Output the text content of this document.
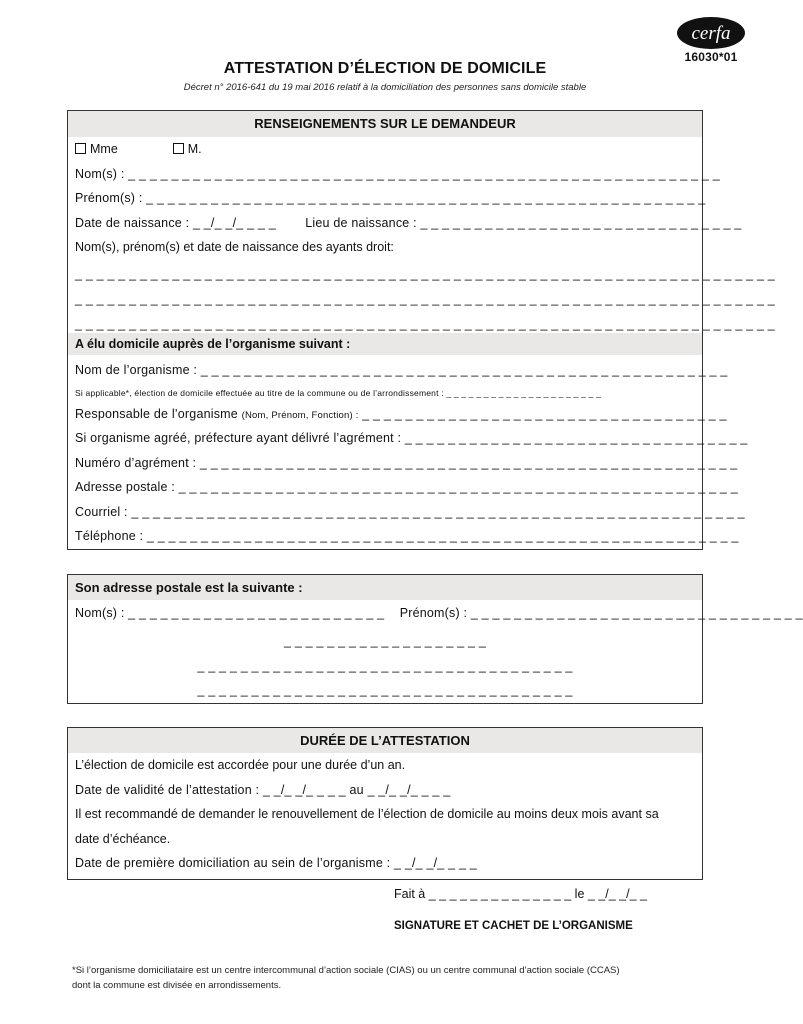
cerfa
16030*01
ATTESTATION D’ÉLECTION DE DOMICILE
Décret n° 2016-641 du 19 mai 2016 relatif à la domiciliation des personnes sans domicile stable
RENSEIGNEMENTS SUR LE DEMANDEUR
Mme	M.
Nom(s) : _ _ _ _ _ _ _ _ _ _ _ _ _ _ _ _ _ _ _ _ _ _ _ _ _ _ _ _ _ _ _ _ _ _ _ _ _ _ _ _ _ _ _ _ _ _ _ _ _ _ _ _ _ _ _
Prénom(s) : _ _ _ _ _ _ _ _ _ _ _ _ _ _ _ _ _ _ _ _ _ _ _ _ _ _ _ _ _ _ _ _ _ _ _ _ _ _ _ _ _ _ _ _ _ _ _ _ _ _ _ _
Date de naissance : _ _/_ _/_ _ _ _ Lieu de naissance : _ _ _ _ _ _ _ _ _ _ _ _ _ _ _ _ _ _ _ _ _ _ _ _ _ _ _ _ _ _
Nom(s), prénom(s) et date de naissance des ayants droit:
_ _ _ _ _ _ _ _ _ _ _ _ _ _ _ _ _ _ _ _ _ _ _ _ _ _ _ _ _ _ _ _ _ _ _ _ _ _ _ _ _ _ _ _ _ _ _ _ _ _ _ _ _ _ _ _ _ _ _ _ _ _ _ _ _
_ _ _ _ _ _ _ _ _ _ _ _ _ _ _ _ _ _ _ _ _ _ _ _ _ _ _ _ _ _ _ _ _ _ _ _ _ _ _ _ _ _ _ _ _ _ _ _ _ _ _ _ _ _ _ _ _ _ _ _ _ _ _ _ _
_ _ _ _ _ _ _ _ _ _ _ _ _ _ _ _ _ _ _ _ _ _ _ _ _ _ _ _ _ _ _ _ _ _ _ _ _ _ _ _ _ _ _ _ _ _ _ _ _ _ _ _ _ _ _ _ _ _ _ _ _ _ _ _ _
A élu domicile auprès de l’organisme suivant :
Nom de l’organisme : _ _ _ _ _ _ _ _ _ _ _ _ _ _ _ _ _ _ _ _ _ _ _ _ _ _ _ _ _ _ _ _ _ _ _ _ _ _ _ _ _ _ _ _ _ _ _ _ _
Si applicable*, élection de domicile effectuée au titre de la commune ou de l’arrondissement : _ _ _ _ _ _ _ _ _ _ _ _ _ _ _ _ _ _ _ _ _
Responsable de l’organisme (Nom, Prénom, Fonction) : _ _ _ _ _ _ _ _ _ _ _ _ _ _ _ _ _ _ _ _ _ _ _ _ _ _ _ _ _ _ _ _ _ _
Si organisme agréé, préfecture ayant délivré l’agrément : _ _ _ _ _ _ _ _ _ _ _ _ _ _ _ _ _ _ _ _ _ _ _ _ _ _ _ _ _ _ _ _
Numéro d’agrément : _ _ _ _ _ _ _ _ _ _ _ _ _ _ _ _ _ _ _ _ _ _ _ _ _ _ _ _ _ _ _ _ _ _ _ _ _ _ _ _ _ _ _ _ _ _ _ _ _ _
Adresse postale : _ _ _ _ _ _ _ _ _ _ _ _ _ _ _ _ _ _ _ _ _ _ _ _ _ _ _ _ _ _ _ _ _ _ _ _ _ _ _ _ _ _ _ _ _ _ _ _ _ _ _ _
Courriel : _ _ _ _ _ _ _ _ _ _ _ _ _ _ _ _ _ _ _ _ _ _ _ _ _ _ _ _ _ _ _ _ _ _ _ _ _ _ _ _ _ _ _ _ _ _ _ _ _ _ _ _ _ _ _ _ _
Téléphone : _ _ _ _ _ _ _ _ _ _ _ _ _ _ _ _ _ _ _ _ _ _ _ _ _ _ _ _ _ _ _ _ _ _ _ _ _ _ _ _ _ _ _ _ _ _ _ _ _ _ _ _ _ _ _
Son adresse postale est la suivante :
Nom(s) : _ _ _ _ _ _ _ _ _ _ _ _ _ _ _ _ _ _ _ _ _ _ _ _ Prénom(s) : _ _ _ _ _ _ _ _ _ _ _ _ _ _ _ _ _ _ _ _ _ _ _ _ _ _ _ _ _ _ _
_ _ _ _ _ _ _ _ _ _ _ _ _ _ _ _ _ _ _
_ _ _ _ _ _ _ _ _ _ _ _ _ _ _ _ _ _ _ _ _ _ _ _ _ _ _ _ _ _ _ _ _ _ _
_ _ _ _ _ _ _ _ _ _ _ _ _ _ _ _ _ _ _ _ _ _ _ _ _ _ _ _ _ _ _ _ _ _ _
DURÉE DE L’ATTESTATION
L’élection de domicile est accordée pour une durée d’un an.
Date de validité de l’attestation : _ _/_ _/_ _ _ _ au _ _/_ _/_ _ _ _
Il est recommandé de demander le renouvellement de l’élection de domicile au moins deux mois avant sa
date d’échéance.
Date de première domiciliation au sein de l’organisme : _ _/_ _/_ _ _ _
Fait à _ _ _ _ _ _ _ _ _ _ _ _ _ _ le _ _/_ _/_ _
SIGNATURE ET CACHET DE L’ORGANISME
*Si l’organisme domiciliataire est un centre intercommunal d’action sociale (CIAS) ou un centre communal d’action sociale (CCAS)
dont la commune est divisée en arrondissements.
